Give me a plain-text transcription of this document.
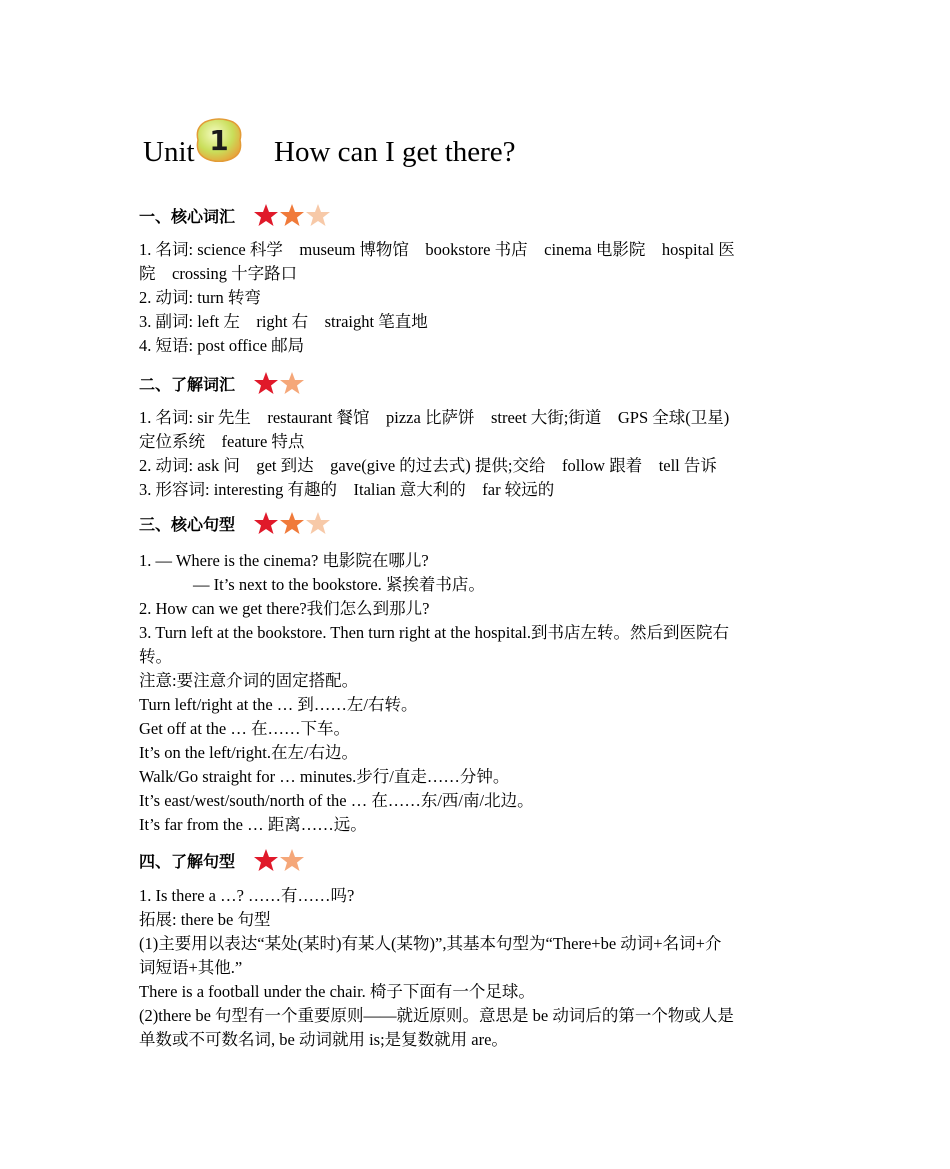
Unit 1 How can I get there?
一、核心词汇
1. 名词: science 科学　museum 博物馆　bookstore 书店　cinema 电影院　hospital 医
院　crossing 十字路口
2. 动词: turn 转弯
3. 副词: left 左　right 右　straight 笔直地
4. 短语: post office 邮局
二、了解词汇
1. 名词: sir 先生　restaurant 餐馆　pizza 比萨饼　street 大街;街道　GPS 全球(卫星)
定位系统　feature 特点
2. 动词: ask 问　get 到达　gave(give 的过去式) 提供;交给　follow 跟着　tell 告诉
3. 形容词: interesting 有趣的　Italian 意大利的　far 较远的
三、核心句型
1. — Where is the cinema? 电影院在哪儿?
— It’s next to the bookstore. 紧挨着书店。
2. How can we get there?我们怎么到那儿?
3. Turn left at the bookstore. Then turn right at the hospital.到书店左转。然后到医院右
转。
注意:要注意介词的固定搭配。
Turn left/right at the … 到……左/右转。
Get off at the … 在……下车。
It’s on the left/right.在左/右边。
Walk/Go straight for … minutes.步行/直走……分钟。
It’s east/west/south/north of the … 在……东/西/南/北边。
It’s far from the … 距离……远。
四、了解句型
1. Is there a …? ……有……吗?
拓展: there be 句型
(1)主要用以表达“某处(某时)有某人(某物)”,其基本句型为“There+be 动词+名词+介
词短语+其他.”
There is a football under the chair. 椅子下面有一个足球。
(2)there be 句型有一个重要原则——就近原则。意思是 be 动词后的第一个物或人是
单数或不可数名词, be 动词就用 is;是复数就用 are。
